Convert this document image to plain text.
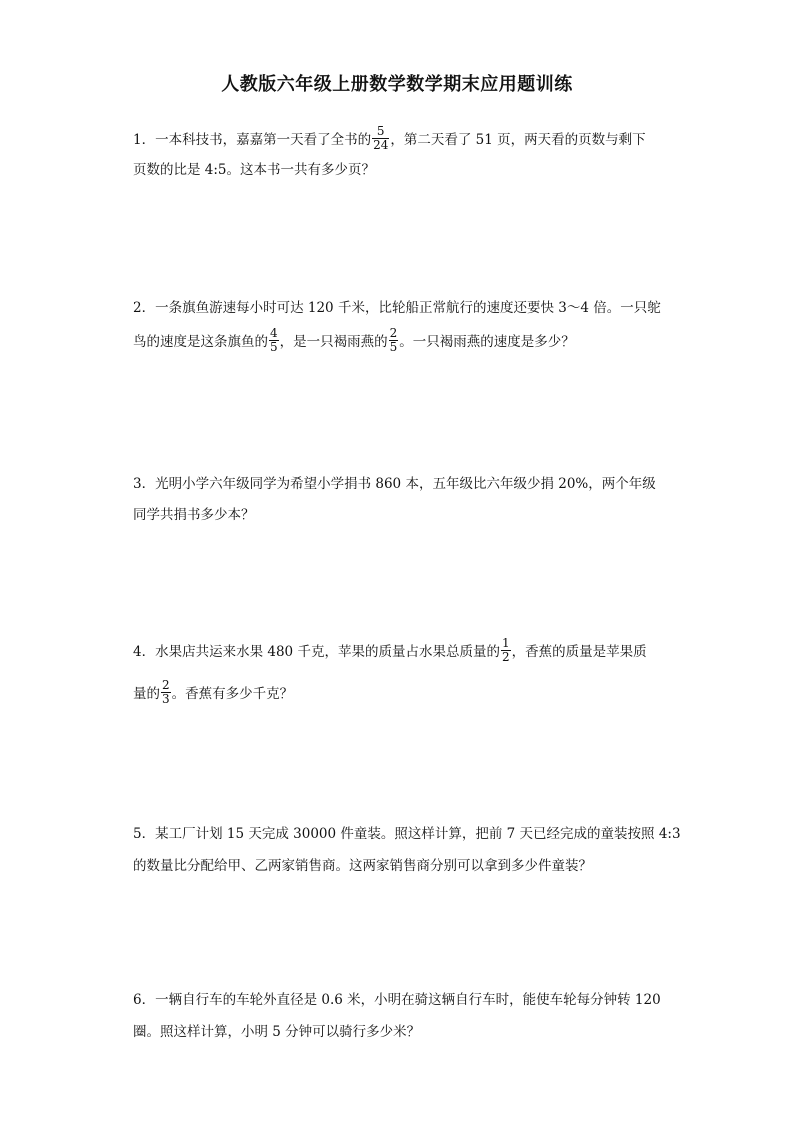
人教版六年级上册数学数学期末应用题训练
1．一本科技书，嘉嘉第一天看了全书的 $\frac{5}{24}$ ，第二天看了 51 页，两天看的页数与剩下
页数的比是 4:5。这本书一共有多少页？
2．一条旗鱼游速每小时可达 120 千米，比轮船正常航行的速度还要快 3～4 倍。一只鸵
鸟的速度是这条旗鱼的 $\frac{4}{5}$ ，是一只褐雨燕的 $\frac{2}{5}$ 。一只褐雨燕的速度是多少？
3．光明小学六年级同学为希望小学捐书 860 本，五年级比六年级少捐 20%，两个年级
同学共捐书多少本？
4．水果店共运来水果 480 千克，苹果的质量占水果总质量的 $\frac{1}{2}$ ，香蕉的质量是苹果质
量的 $\frac{2}{3}$ 。香蕉有多少千克？
5．某工厂计划 15 天完成 30000 件童装。照这样计算，把前 7 天已经完成的童装按照 4:3
的数量比分配给甲、乙两家销售商。这两家销售商分别可以拿到多少件童装？
6．一辆自行车的车轮外直径是 0.6 米，小明在骑这辆自行车时，能使车轮每分钟转 120
圈。照这样计算，小明 5 分钟可以骑行多少米？
